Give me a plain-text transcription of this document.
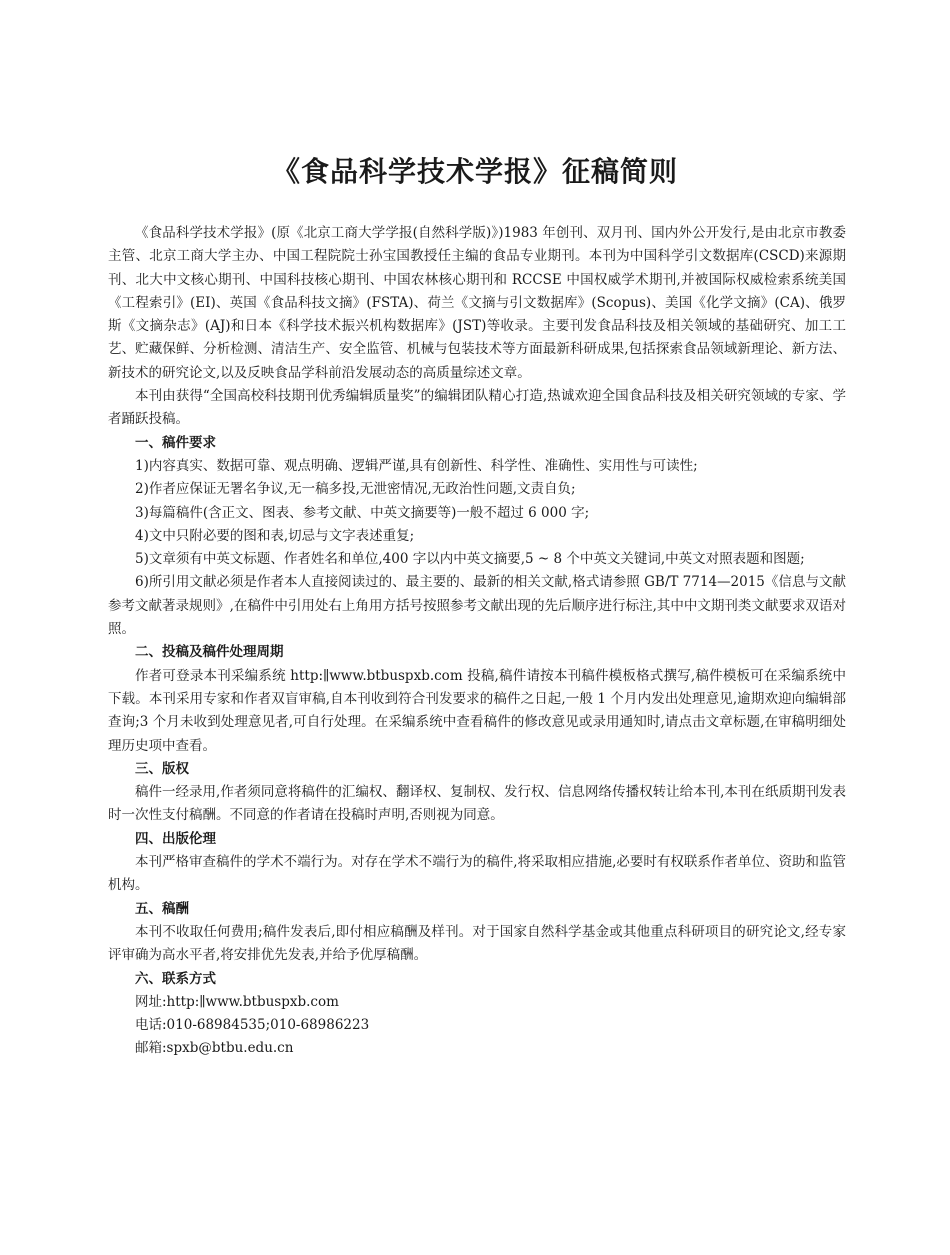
《食品科学技术学报》征稿简则

《食品科学技术学报》(原《北京工商大学学报(自然科学版)》)1983 年创刊、双月刊、国内外公开发行,是由北京市教委主管、北京工商大学主办、中国工程院院士孙宝国教授任主编的食品专业期刊。本刊为中国科学引文数据库(CSCD)来源期刊、北大中文核心期刊、中国科技核心期刊、中国农林核心期刊和 RCCSE 中国权威学术期刊,并被国际权威检索系统美国《工程索引》(EI)、英国《食品科技文摘》(FSTA)、荷兰《文摘与引文数据库》(Scopus)、美国《化学文摘》(CA)、俄罗斯《文摘杂志》(AJ)和日本《科学技术振兴机构数据库》(JST)等收录。主要刊发食品科技及相关领域的基础研究、加工工艺、贮藏保鲜、分析检测、清洁生产、安全监管、机械与包装技术等方面最新科研成果,包括探索食品领域新理论、新方法、新技术的研究论文,以及反映食品学科前沿发展动态的高质量综述文章。

本刊由获得“全国高校科技期刊优秀编辑质量奖”的编辑团队精心打造,热诚欢迎全国食品科技及相关研究领域的专家、学者踊跃投稿。

一、稿件要求

1)内容真实、数据可靠、观点明确、逻辑严谨,具有创新性、科学性、准确性、实用性与可读性;

2)作者应保证无署名争议,无一稿多投,无泄密情况,无政治性问题,文责自负;

3)每篇稿件(含正文、图表、参考文献、中英文摘要等)一般不超过 6 000 字;

4)文中只附必要的图和表,切忌与文字表述重复;

5)文章须有中英文标题、作者姓名和单位,400 字以内中英文摘要,5 ~ 8 个中英文关键词,中英文对照表题和图题;

6)所引用文献必须是作者本人直接阅读过的、最主要的、最新的相关文献,格式请参照 GB/T 7714—2015《信息与文献 参考文献著录规则》,在稿件中引用处右上角用方括号按照参考文献出现的先后顺序进行标注,其中中文期刊类文献要求双语对照。

二、投稿及稿件处理周期

作者可登录本刊采编系统 http:∥www.btbuspxb.com 投稿,稿件请按本刊稿件模板格式撰写,稿件模板可在采编系统中下载。本刊采用专家和作者双盲审稿,自本刊收到符合刊发要求的稿件之日起,一般 1 个月内发出处理意见,逾期欢迎向编辑部查询;3 个月未收到处理意见者,可自行处理。在采编系统中查看稿件的修改意见或录用通知时,请点击文章标题,在审稿明细处理历史项中查看。

三、版权

稿件一经录用,作者须同意将稿件的汇编权、翻译权、复制权、发行权、信息网络传播权转让给本刊,本刊在纸质期刊发表时一次性支付稿酬。不同意的作者请在投稿时声明,否则视为同意。

四、出版伦理

本刊严格审查稿件的学术不端行为。对存在学术不端行为的稿件,将采取相应措施,必要时有权联系作者单位、资助和监管机构。

五、稿酬

本刊不收取任何费用;稿件发表后,即付相应稿酬及样刊。对于国家自然科学基金或其他重点科研项目的研究论文,经专家评审确为高水平者,将安排优先发表,并给予优厚稿酬。

六、联系方式

网址:http:∥www.btbuspxb.com

电话:010-68984535;010-68986223

邮箱:spxb@btbu.edu.cn
